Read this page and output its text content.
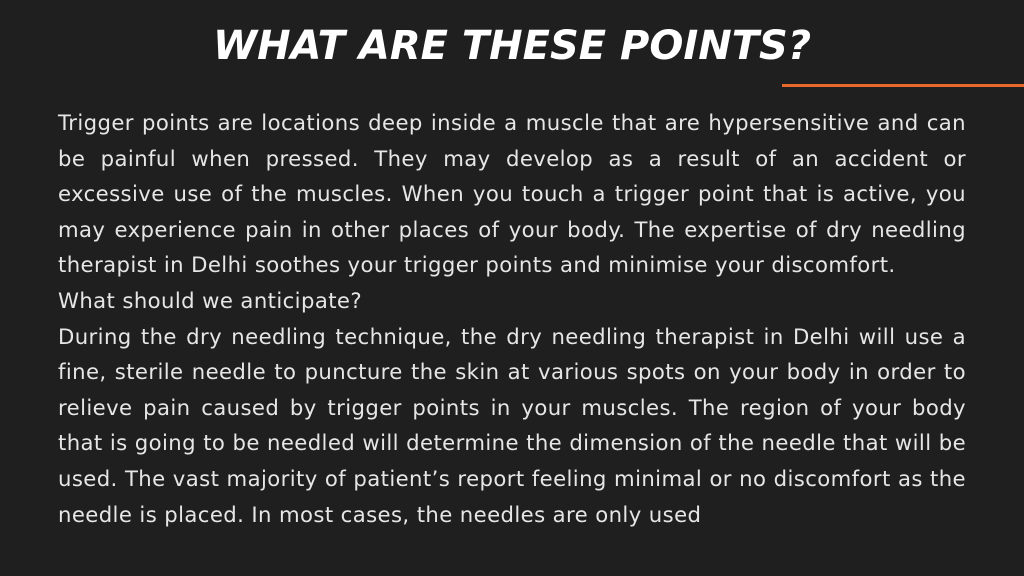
WHAT ARE THESE POINTS?

Trigger points are locations deep inside a muscle that are hypersensitive and can be painful when pressed. They may develop as a result of an accident or excessive use of the muscles. When you touch a trigger point that is active, you may experience pain in other places of your body. The expertise of dry needling therapist in Delhi soothes your trigger points and minimise your discomfort.

What should we anticipate?

During the dry needling technique, the dry needling therapist in Delhi will use a fine, sterile needle to puncture the skin at various spots on your body in order to relieve pain caused by trigger points in your muscles. The region of your body that is going to be needled will determine the dimension of the needle that will be used. The vast majority of patient’s report feeling minimal or no discomfort as the needle is placed. In most cases, the needles are only used
